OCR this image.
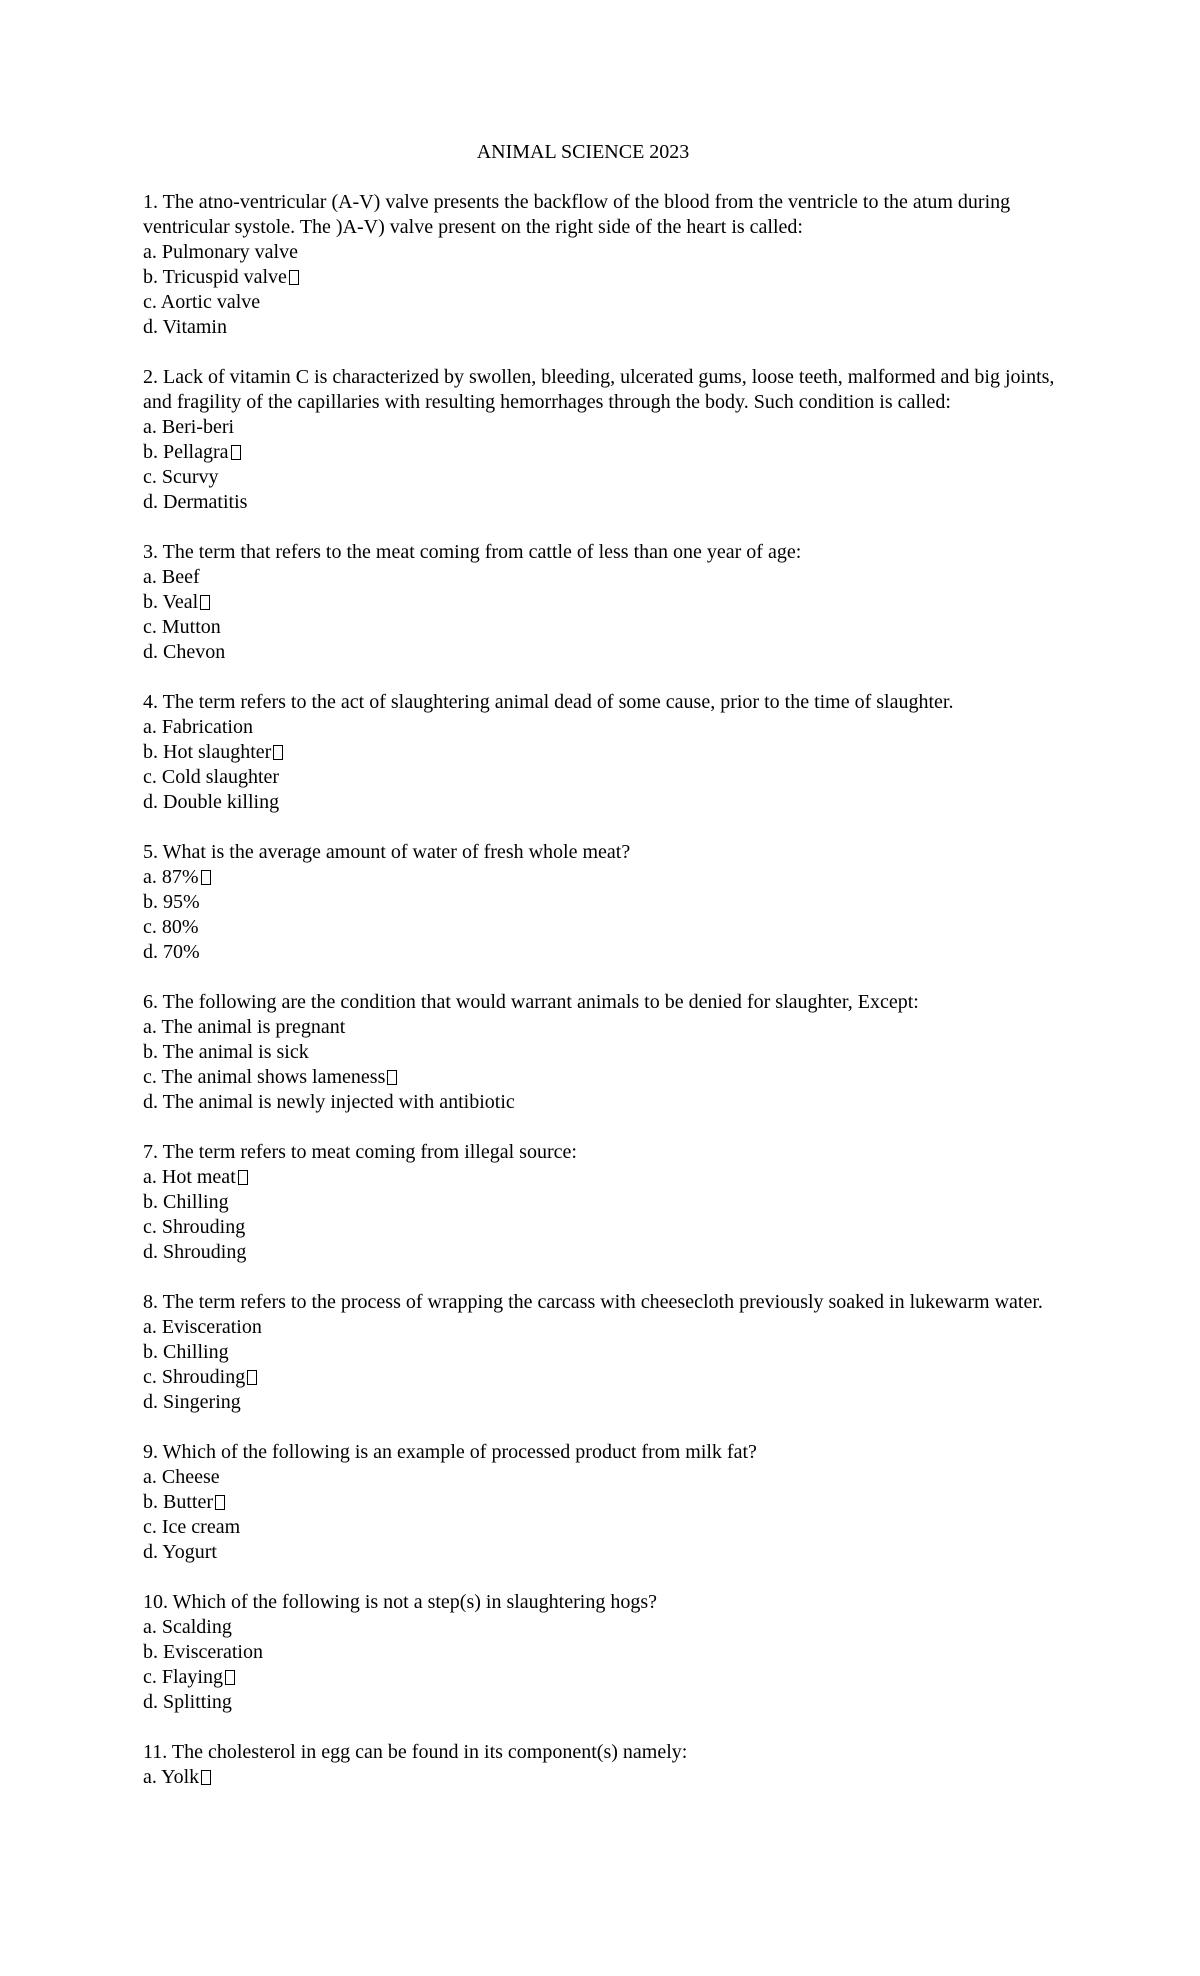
ANIMAL SCIENCE 2023

1. The atno-ventricular (A-V) valve presents the backflow of the blood from the ventricle to the atum during ventricular systole. The )A-V) valve present on the right side of the heart is called:

a. Pulmonary valve
b. Tricuspid valve
c. Aortic valve
d. Vitamin

2. Lack of vitamin C is characterized by swollen, bleeding, ulcerated gums, loose teeth, malformed and big joints, and fragility of the capillaries with resulting hemorrhages through the body. Such condition is called:

a. Beri-beri
b. Pellagra
c. Scurvy
d. Dermatitis

3. The term that refers to the meat coming from cattle of less than one year of age:

a. Beef
b. Veal
c. Mutton
d. Chevon

4. The term refers to the act of slaughtering animal dead of some cause, prior to the time of slaughter.

a. Fabrication
b. Hot slaughter
c. Cold slaughter
d. Double killing

5. What is the average amount of water of fresh whole meat?

a. 87%
b. 95%
c. 80%
d. 70%

6. The following are the condition that would warrant animals to be denied for slaughter, Except:

a. The animal is pregnant
b. The animal is sick
c. The animal shows lameness
d. The animal is newly injected with antibiotic

7. The term refers to meat coming from illegal source:

a. Hot meat
b. Chilling
c. Shrouding
d. Shrouding

8. The term refers to the process of wrapping the carcass with cheesecloth previously soaked in lukewarm water.

a. Evisceration
b. Chilling
c. Shrouding
d. Singering

9. Which of the following is an example of processed product from milk fat?

a. Cheese
b. Butter
c. Ice cream
d. Yogurt

10. Which of the following is not a step(s) in slaughtering hogs?

a. Scalding
b. Evisceration
c. Flaying
d. Splitting

11. The cholesterol in egg can be found in its component(s) namely:

a. Yolk
